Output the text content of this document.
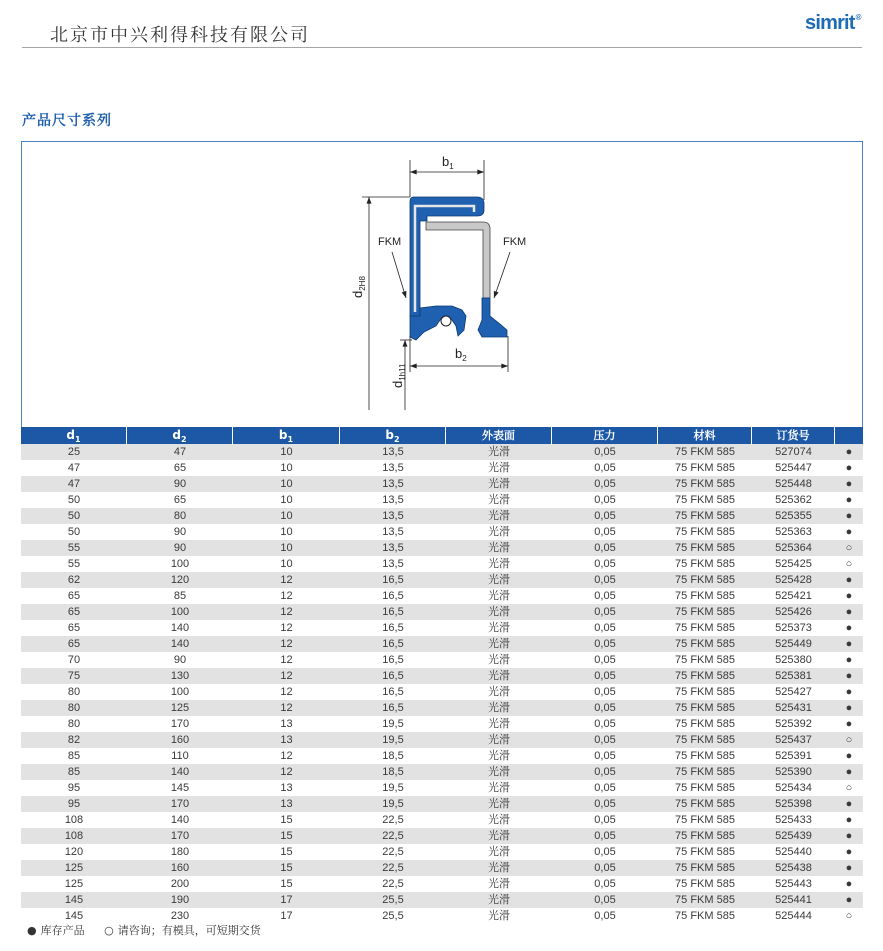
北京市中兴利得科技有限公司
simrit®
产品尺寸系列
$b_1$
$d_{2H8}$
$d_{1h11}$
$b_2$
FKM	FKM
$d_1$	$d_2$	$b_1$	$b_2$	外表面	压力	材料	订货号
25	47	10	13,5	光滑	0,05	75 FKM 585	527074	●
47	65	10	13,5	光滑	0,05	75 FKM 585	525447	●
47	90	10	13,5	光滑	0,05	75 FKM 585	525448	●
50	65	10	13,5	光滑	0,05	75 FKM 585	525362	●
50	80	10	13,5	光滑	0,05	75 FKM 585	525355	●
50	90	10	13,5	光滑	0,05	75 FKM 585	525363	●
55	90	10	13,5	光滑	0,05	75 FKM 585	525364	○
55	100	10	13,5	光滑	0,05	75 FKM 585	525425	○
62	120	12	16,5	光滑	0,05	75 FKM 585	525428	●
65	85	12	16,5	光滑	0,05	75 FKM 585	525421	●
65	100	12	16,5	光滑	0,05	75 FKM 585	525426	●
65	140	12	16,5	光滑	0,05	75 FKM 585	525373	●
65	140	12	16,5	光滑	0,05	75 FKM 585	525449	●
70	90	12	16,5	光滑	0,05	75 FKM 585	525380	●
75	130	12	16,5	光滑	0,05	75 FKM 585	525381	●
80	100	12	16,5	光滑	0,05	75 FKM 585	525427	●
80	125	12	16,5	光滑	0,05	75 FKM 585	525431	●
80	170	13	19,5	光滑	0,05	75 FKM 585	525392	●
82	160	13	19,5	光滑	0,05	75 FKM 585	525437	○
85	110	12	18,5	光滑	0,05	75 FKM 585	525391	●
85	140	12	18,5	光滑	0,05	75 FKM 585	525390	●
95	145	13	19,5	光滑	0,05	75 FKM 585	525434	○
95	170	13	19,5	光滑	0,05	75 FKM 585	525398	●
108	140	15	22,5	光滑	0,05	75 FKM 585	525433	●
108	170	15	22,5	光滑	0,05	75 FKM 585	525439	●
120	180	15	22,5	光滑	0,05	75 FKM 585	525440	●
125	160	15	22,5	光滑	0,05	75 FKM 585	525438	●
125	200	15	22,5	光滑	0,05	75 FKM 585	525443	●
145	190	17	25,5	光滑	0,05	75 FKM 585	525441	●
145	230	17	25,5	光滑	0,05	75 FKM 585	525444	○
● 库存产品 ○ 请咨询；有模具，可短期交货
